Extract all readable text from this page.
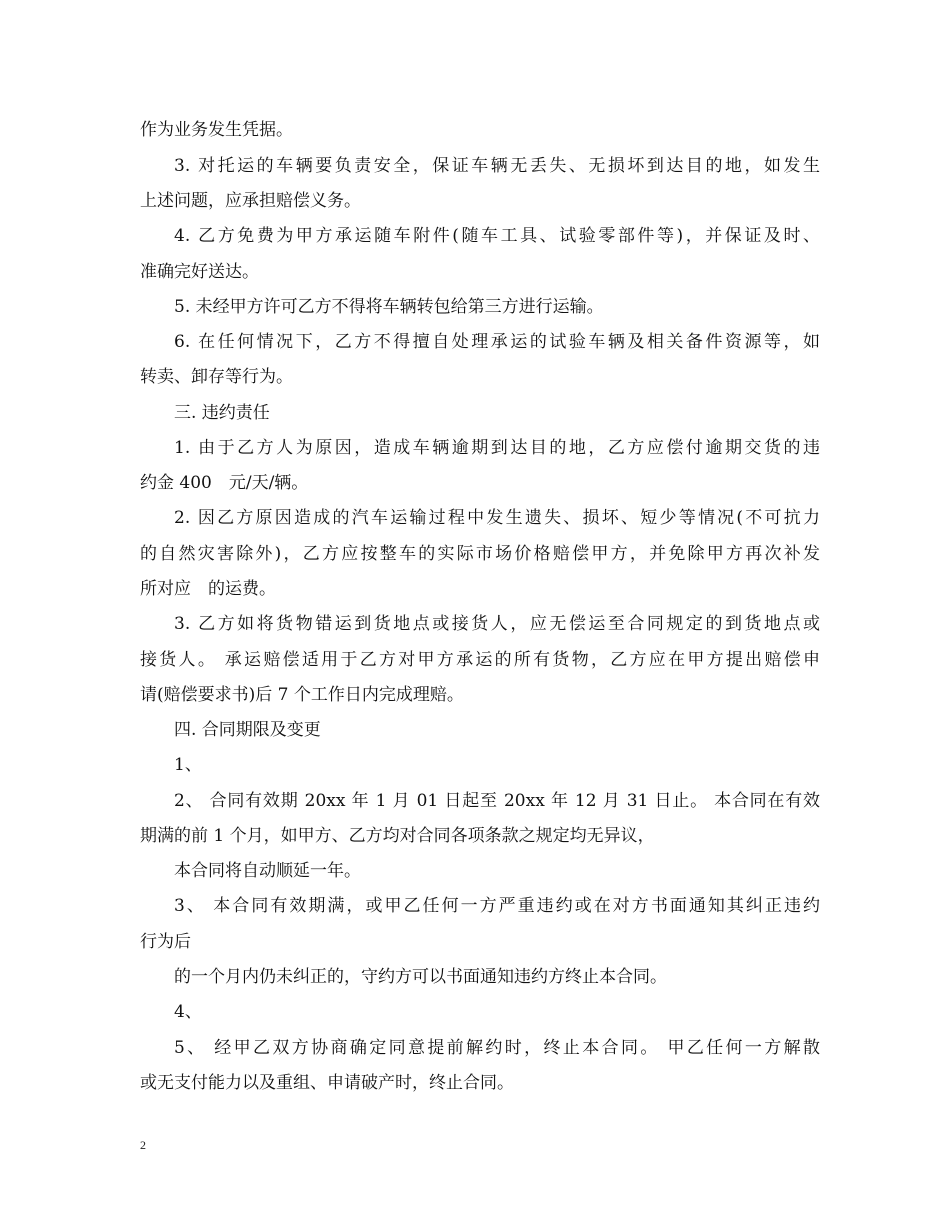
作为业务发生凭据。
3. 对托运的车辆要负责安全，保证车辆无丢失、无损坏到达目的地，如发生
上述问题，应承担赔偿义务。
4. 乙方免费为甲方承运随车附件(随车工具、试验零部件等)，并保证及时、
准确完好送达。
5. 未经甲方许可乙方不得将车辆转包给第三方进行运输。
6. 在任何情况下，乙方不得擅自处理承运的试验车辆及相关备件资源等，如
转卖、卸存等行为。
三. 违约责任
1. 由于乙方人为原因，造成车辆逾期到达目的地，乙方应偿付逾期交货的违
约金 400　元/天/辆。
2. 因乙方原因造成的汽车运输过程中发生遗失、损坏、短少等情况(不可抗力
的自然灾害除外)，乙方应按整车的实际市场价格赔偿甲方，并免除甲方再次补发
所对应　的运费。
3. 乙方如将货物错运到货地点或接货人，应无偿运至合同规定的到货地点或
接货人。 承运赔偿适用于乙方对甲方承运的所有货物，乙方应在甲方提出赔偿申
请(赔偿要求书)后 7 个工作日内完成理赔。
四. 合同期限及变更
1、
2、 合同有效期 20xx 年 1 月 01 日起至 20xx 年 12 月 31 日止。 本合同在有效
期满的前 1 个月，如甲方、乙方均对合同各项条款之规定均无异议，
本合同将自动顺延一年。
3、 本合同有效期满，或甲乙任何一方严重违约或在对方书面通知其纠正违约
行为后
的一个月内仍未纠正的，守约方可以书面通知违约方终止本合同。
4、
5、 经甲乙双方协商确定同意提前解约时，终止本合同。 甲乙任何一方解散
或无支付能力以及重组、申请破产时，终止合同。
2
